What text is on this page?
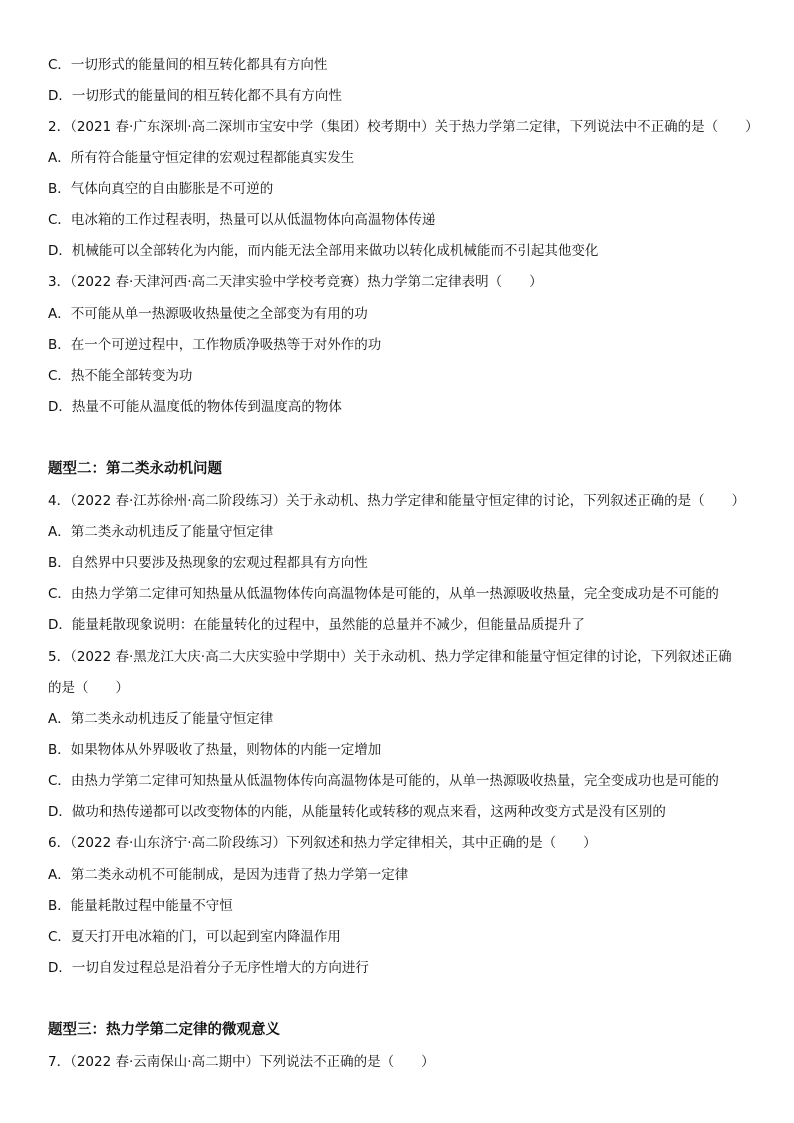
C．一切形式的能量间的相互转化都具有方向性
D．一切形式的能量间的相互转化都不具有方向性
2．（2021 春·广东深圳·高二深圳市宝安中学（集团）校考期中）关于热力学第二定律，下列说法中不正确的是（　　）
A．所有符合能量守恒定律的宏观过程都能真实发生
B．气体向真空的自由膨胀是不可逆的
C．电冰箱的工作过程表明，热量可以从低温物体向高温物体传递
D．机械能可以全部转化为内能，而内能无法全部用来做功以转化成机械能而不引起其他变化
3．（2022 春·天津河西·高二天津实验中学校考竞赛）热力学第二定律表明（　　）
A．不可能从单一热源吸收热量使之全部变为有用的功
B．在一个可逆过程中，工作物质净吸热等于对外作的功
C．热不能全部转变为功
D．热量不可能从温度低的物体传到温度高的物体
题型二：第二类永动机问题
4．（2022 春·江苏徐州·高二阶段练习）关于永动机、热力学定律和能量守恒定律的讨论，下列叙述正确的是（　　）
A．第二类永动机违反了能量守恒定律
B．自然界中只要涉及热现象的宏观过程都具有方向性
C．由热力学第二定律可知热量从低温物体传向高温物体是可能的，从单一热源吸收热量，完全变成功是不可能的
D．能量耗散现象说明：在能量转化的过程中，虽然能的总量并不减少，但能量品质提升了
5．（2022 春·黑龙江大庆·高二大庆实验中学期中）关于永动机、热力学定律和能量守恒定律的讨论，下列叙述正确
的是（　　）
A．第二类永动机违反了能量守恒定律
B．如果物体从外界吸收了热量，则物体的内能一定增加
C．由热力学第二定律可知热量从低温物体传向高温物体是可能的，从单一热源吸收热量，完全变成功也是可能的
D．做功和热传递都可以改变物体的内能，从能量转化或转移的观点来看，这两种改变方式是没有区别的
6．（2022 春·山东济宁·高二阶段练习）下列叙述和热力学定律相关，其中正确的是（　　）
A．第二类永动机不可能制成，是因为违背了热力学第一定律
B．能量耗散过程中能量不守恒
C．夏天打开电冰箱的门，可以起到室内降温作用
D．一切自发过程总是沿着分子无序性增大的方向进行
题型三：热力学第二定律的微观意义
7．（2022 春·云南保山·高二期中）下列说法不正确的是（　　）
